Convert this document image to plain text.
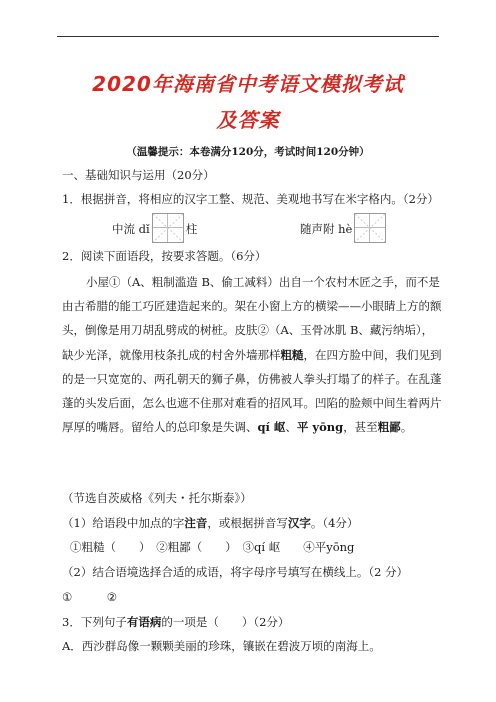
2020年海南省中考语文模拟考试
及答案
（温馨提示：本卷满分120分，考试时间120分钟）
一、基础知识与运用（20分）
1．根据拼音，将相应的汉字工整、规范、美观地书写在米字格内。（2分）
中流 dǐ	柱	随声附 hè
2．阅读下面语段，按要求答题。（6分）
小屋①（A、粗制滥造 B、偷工减料）出自一个农村木匠之手，而不是由古希腊的能工巧匠建造起来的。架在小窗上方的横梁——小眼睛上方的额头，倒像是用刀胡乱劈成的树桩。皮肤②（A、玉骨冰肌 B、藏污纳垢），缺少光泽，就像用枝条扎成的村舍外墙那样粗糙，在四方脸中间，我们见到的是一只宽宽的、两孔朝天的狮子鼻，仿佛被人拳头打塌了的样子。在乱蓬蓬的头发后面，怎么也遮不住那对难看的招风耳。凹陷的脸颊中间生着两片厚厚的嘴唇。留给人的总印象是失调、qí 岖、平 yōng，甚至粗鄙。
（节选自茨威格《列夫・托尔斯泰》）
（1）给语段中加点的字注音，或根据拼音写汉字。（4分）
①粗糙（　　）　②粗鄙（　　）　③qí 岖　　④平yōng
（2）结合语境选择合适的成语，将字母序号填写在横线上。（2 分）
①　　　②
3．下列句子有语病的一项是（　　）（2分）
A．西沙群岛像一颗颗美丽的珍珠，镶嵌在碧波万顷的南海上。
